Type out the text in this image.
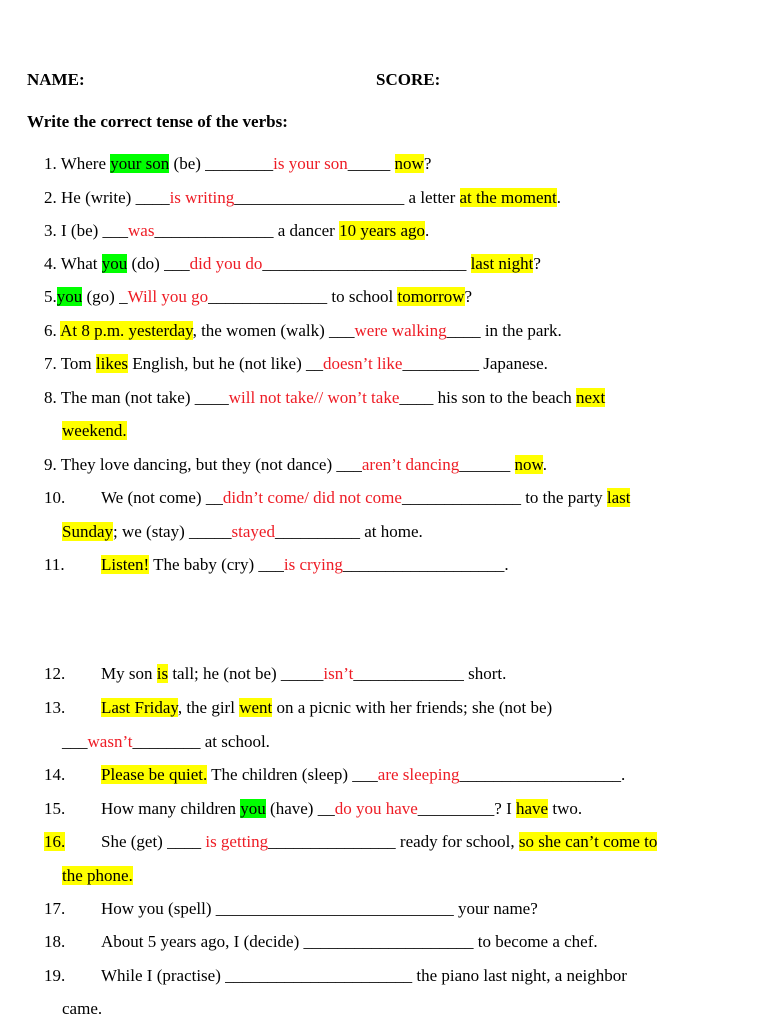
NAME:	SCORE:
Write the correct tense of the verbs:
1. Where your son (be) ________is your son_____ now?
2. He (write) ____is writing____________________ a letter at the moment.
3. I (be) ___was______________ a dancer 10 years ago.
4. What you (do) ___did you do________________________ last night?
5.you (go) _Will you go______________ to school tomorrow?
6. At 8 p.m. yesterday, the women (walk) ___were walking____ in the park.
7. Tom likes English, but he (not like) __doesn’t like_________ Japanese.
8. The man (not take) ____will not take// won’t take____ his son to the beach next
weekend.
9. They love dancing, but they (not dance) ___aren’t dancing______ now.
10. We (not come) __didn’t come/ did not come______________ to the party last
Sunday; we (stay) _____stayed__________ at home.
11. Listen! The baby (cry) ___is crying___________________.
12. My son is tall; he (not be) _____isn’t_____________ short.
13. Last Friday, the girl went on a picnic with her friends; she (not be)
___wasn’t________ at school.
14. Please be quiet. The children (sleep) ___are sleeping___________________.
15. How many children you (have) __do you have_________? I have two.
16. She (get) ____ is getting_______________ ready for school, so she can’t come to
the phone.
17. How you (spell) ____________________________ your name?
18. About 5 years ago, I (decide) ____________________ to become a chef.
19. While I (practise) ______________________ the piano last night, a neighbor
came.
